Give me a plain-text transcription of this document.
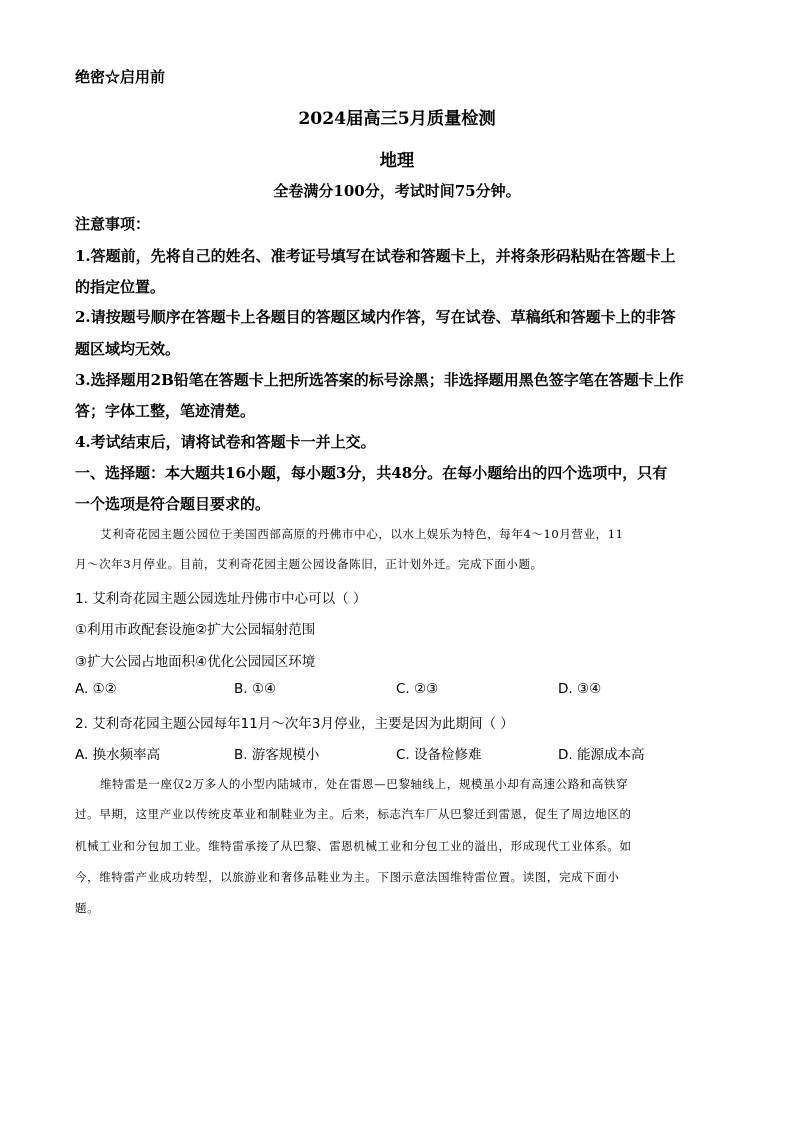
绝密☆启用前
2024届高三5月质量检测
地理
全卷满分100分，考试时间75分钟。
注意事项：
1.答题前，先将自己的姓名、准考证号填写在试卷和答题卡上，并将条形码粘贴在答题卡上
的指定位置。
2.请按题号顺序在答题卡上各题目的答题区域内作答，写在试卷、草稿纸和答题卡上的非答
题区域均无效。
3.选择题用2B铅笔在答题卡上把所选答案的标号涂黑；非选择题用黑色签字笔在答题卡上作
答；字体工整，笔迹清楚。
4.考试结束后，请将试卷和答题卡一并上交。
一、选择题：本大题共16小题，每小题3分，共48分。在每小题给出的四个选项中，只有
一个选项是符合题目要求的。
艾利奇花园主题公园位于美国西部高原的丹佛市中心，以水上娱乐为特色，每年4～10月营业，11
月～次年3月停业。目前，艾利奇花园主题公园设备陈旧，正计划外迁。完成下面小题。
1. 艾利奇花园主题公园选址丹佛市中心可以（ ）
①利用市政配套设施②扩大公园辐射范围
③扩大公园占地面积④优化公园园区环境
A. ①②	B. ①④	C. ②③	D. ③④
2. 艾利奇花园主题公园每年11月～次年3月停业，主要是因为此期间（ ）
A. 换水频率高	B. 游客规模小	C. 设备检修难	D. 能源成本高
维特雷是一座仅2万多人的小型内陆城市，处在雷恩—巴黎轴线上，规模虽小却有高速公路和高铁穿
过。早期，这里产业以传统皮革业和制鞋业为主。后来，标志汽车厂从巴黎迁到雷恩，促生了周边地区的
机械工业和分包加工业。维特雷承接了从巴黎、雷恩机械工业和分包工业的溢出，形成现代工业体系。如
今，维特雷产业成功转型，以旅游业和奢侈品鞋业为主。下图示意法国维特雷位置。读图，完成下面小
题。
